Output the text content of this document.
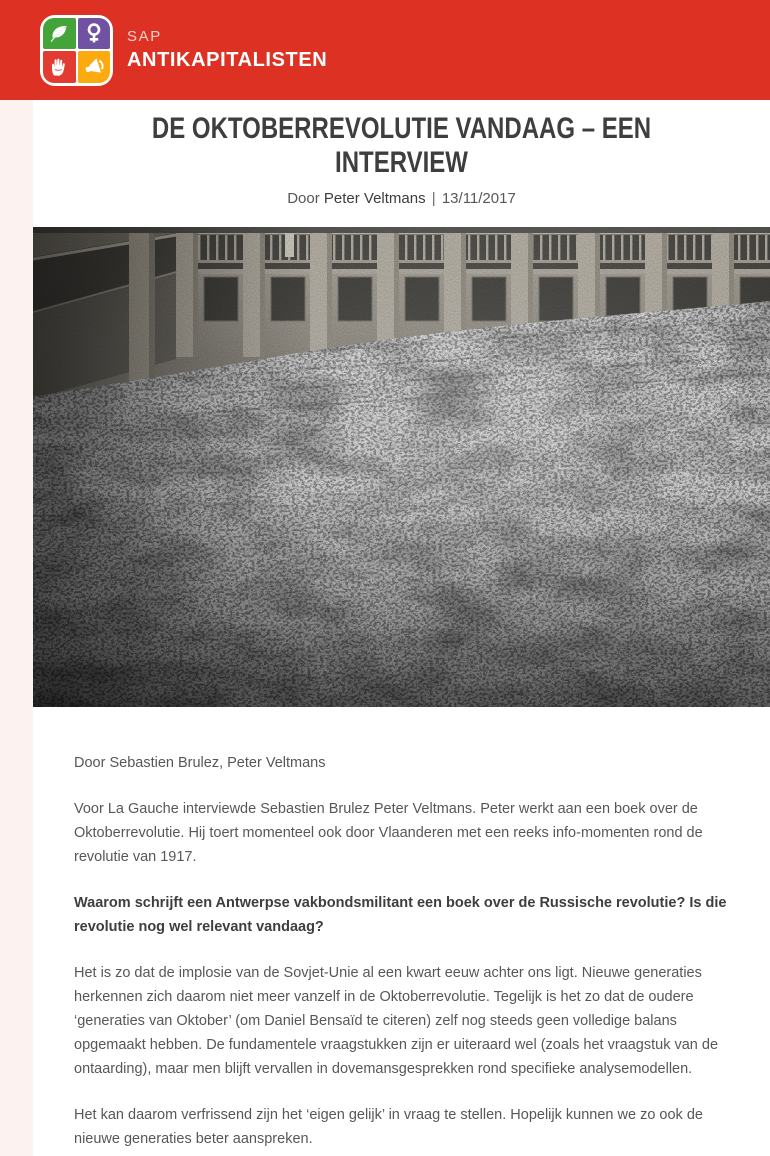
SAP
ANTIKAPITALISTEN
DE OKTOBERREVOLUTIE VANDAAG – EEN
INTERVIEW
Door Peter Veltmans | 13/11/2017

Door Sebastien Brulez, Peter Veltmans

Voor La Gauche interviewde Sebastien Brulez Peter Veltmans. Peter werkt aan een boek over de Oktoberrevolutie. Hij toert momenteel ook door Vlaanderen met een reeks info-momenten rond de revolutie van 1917.

Waarom schrijft een Antwerpse vakbondsmilitant een boek over de Russische revolutie? Is die revolutie nog wel relevant vandaag?

Het is zo dat de implosie van de Sovjet-Unie al een kwart eeuw achter ons ligt. Nieuwe generaties herkennen zich daarom niet meer vanzelf in de Oktoberrevolutie. Tegelijk is het zo dat de oudere ‘generaties van Oktober’ (om Daniel Bensaïd te citeren) zelf nog steeds geen volledige balans opgemaakt hebben. De fundamentele vraagstukken zijn er uiteraard wel (zoals het vraagstuk van de ontaarding), maar men blijft vervallen in dovemansgesprekken rond specifieke analysemodellen.

Het kan daarom verfrissend zijn het ‘eigen gelijk’ in vraag te stellen. Hopelijk kunnen we zo ook de nieuwe generaties beter aanspreken.
